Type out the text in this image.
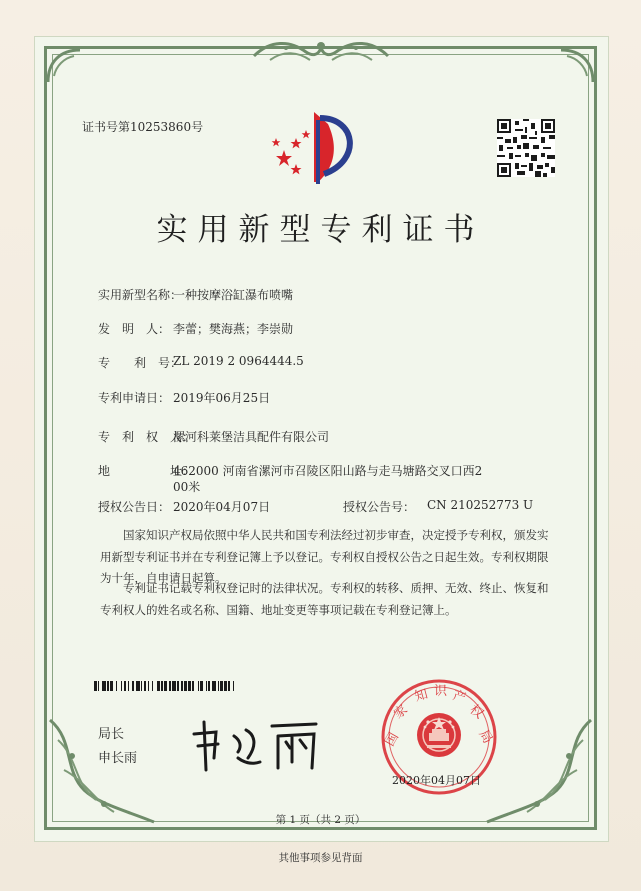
证书号第10253860号
实用新型专利证书
实用新型名称：
一种按摩浴缸瀑布喷嘴
发　明　人： 李蕾；樊海燕；李崇勋
专　　利　号：
ZL 2019 2 0964444.5
专利申请日： 2019年06月25日
专　利　权　人：
漯河科莱堡洁具配件有限公司
地　　　　　址：
462000 河南省漯河市召陵区阳山路与走马塘路交叉口西2
00米
授权公告日： 2020年04月07日	授权公告号： CN 210252773 U
国家知识产权局依照中华人民共和国专利法经过初步审查，决定授予专利权，颁发实用新型专利证书并在专利登记簿上予以登记。专利权自授权公告之日起生效。专利权期限为十年，自申请日起算。
专利证书记载专利权登记时的法律状况。专利权的转移、质押、无效、终止、恢复和专利权人的姓名或名称、国籍、地址变更等事项记载在专利登记簿上。
局长
申长雨
国
家
知 识 产
权
局
2020年04月07日
第 1 页（共 2 页）
其他事项参见背面
